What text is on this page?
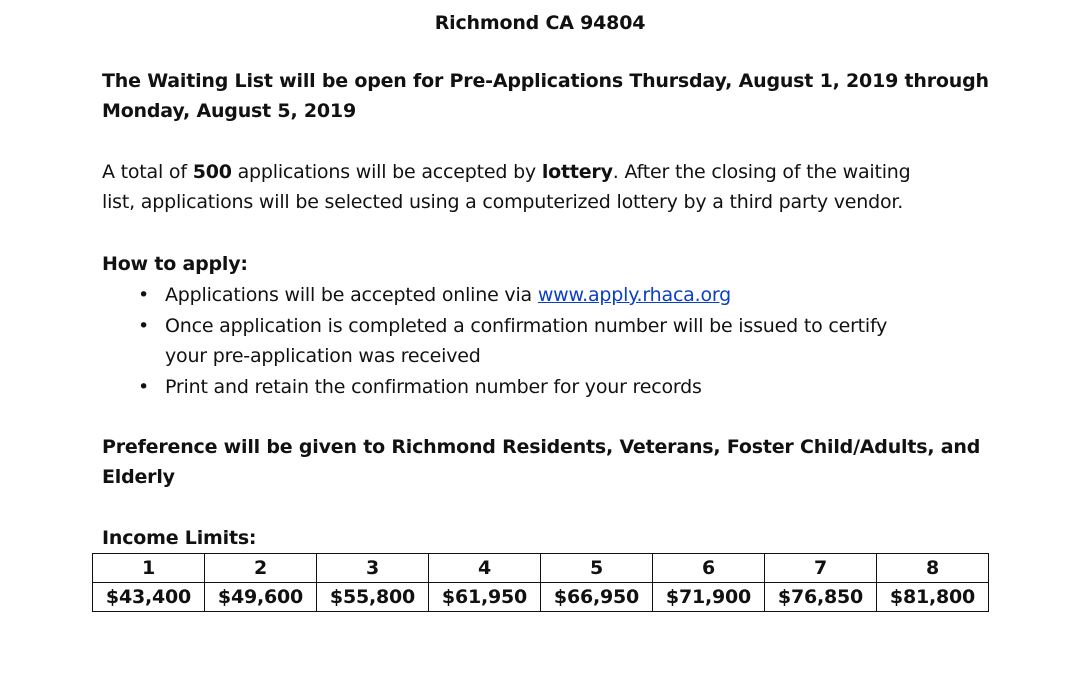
Richmond CA 94804
The Waiting List will be open for Pre-Applications Thursday, August 1, 2019 through
Monday, August 5, 2019
A total of 500 applications will be accepted by lottery. After the closing of the waiting
list, applications will be selected using a computerized lottery by a third party vendor.
How to apply:
• Applications will be accepted online via www.apply.rhaca.org
• Once application is completed a confirmation number will be issued to certify
your pre-application was received
• Print and retain the confirmation number for your records
Preference will be given to Richmond Residents, Veterans, Foster Child/Adults, and
Elderly
Income Limits:
1	2	3	4	5	6	7	8
$43,400	$49,600	$55,800	$61,950	$66,950	$71,900	$76,850	$81,800
